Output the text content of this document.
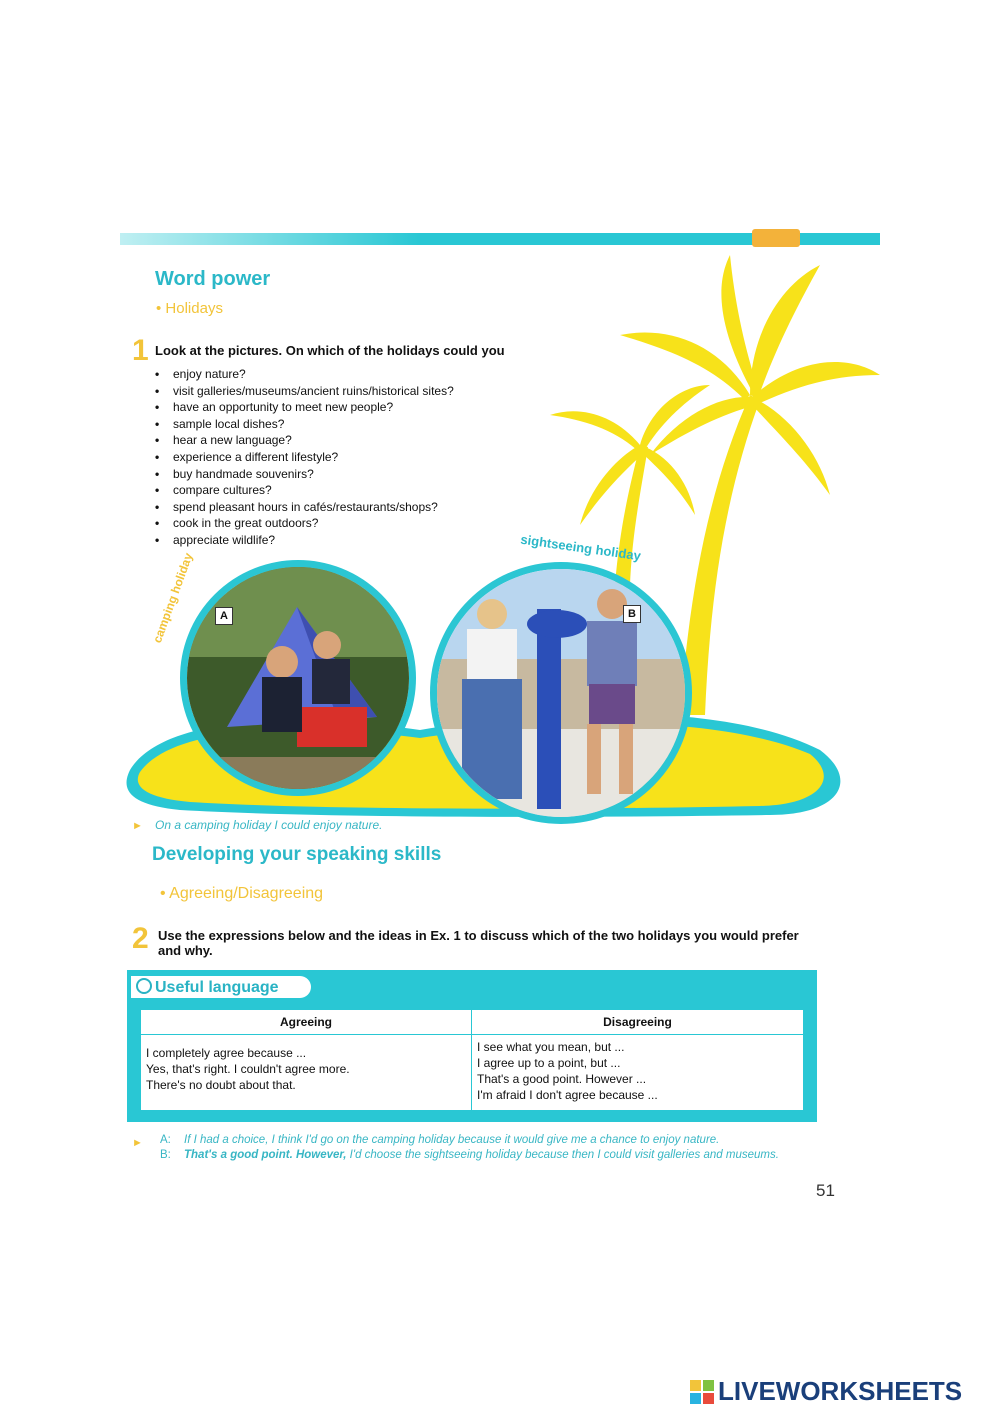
Word power
• Holidays
1 Look at the pictures. On which of the holidays could you
• enjoy nature?
• visit galleries/museums/ancient ruins/historical sites?
• have an opportunity to meet new people?
• sample local dishes?
• hear a new language?
• experience a different lifestyle?
• buy handmade souvenirs?
• compare cultures?
• spend pleasant hours in cafés/restaurants/shops?
• cook in the great outdoors?
• appreciate wildlife?
camping holiday	A
sightseeing holiday
B
► On a camping holiday I could enjoy nature.
Developing your speaking skills
• Agreeing/Disagreeing
2 Use the expressions below and the ideas in Ex. 1 to discuss which of the two holidays you would prefer and why.
Useful language
Agreeing	Disagreeing
I completely agree because ...
Yes, that's right. I couldn't agree more.
There's no doubt about that.
I see what you mean, but ...
I agree up to a point, but ...
That's a good point. However ...
I'm afraid I don't agree because ...
► A: If I had a choice, I think I'd go on the camping holiday because it would give me a chance to enjoy nature.
B: That's a good point. However, I'd choose the sightseeing holiday because then I could visit galleries and museums.
51
LIVEWORKSHEETS
